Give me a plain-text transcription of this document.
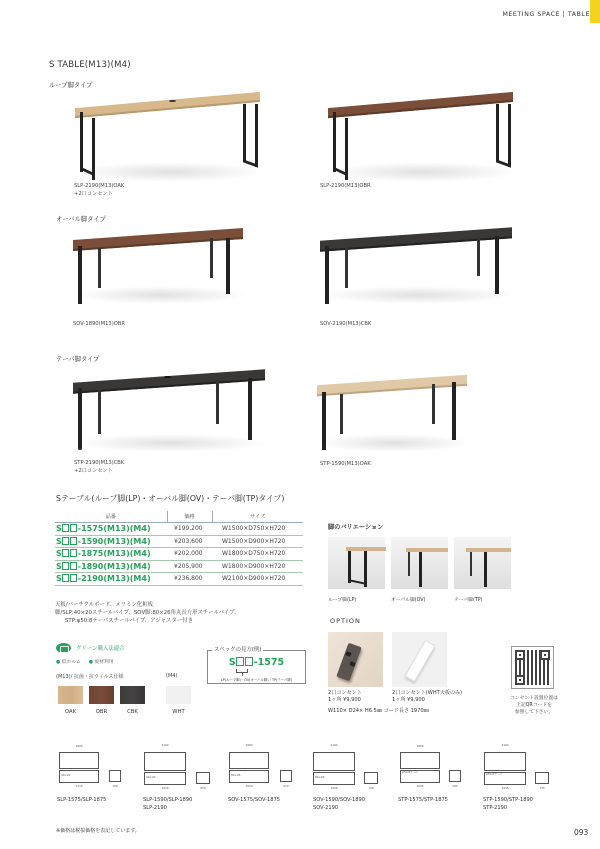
MEETING SPACE | TABLE
S TABLE(M13)(M4)
ループ脚タイプ
SLP-2190(M13)OAK
+2口コンセント
SLP-2190(M13)OBR
オーバル脚タイプ
SOV-1890(M13)OBR	SOV-2190(M13)CBK
テーパ脚タイプ
STP-2190(M13)CBK
+2口コンセント
STP-1590(M13)OAK
Sテーブル(ループ脚(LP)・オーバル脚(OV)・テーパ脚(TP)タイプ)
品番	価格	サイズ
S -1575(M13)(M4)	¥199,200	W1500×D750×H720
S -1590(M13)(M4)	¥203,600	W1500×D900×H720
S -1875(M13)(M4)	¥202,000	W1800×D750×H720
S -1890(M13)(M4)	¥205,900	W1800×D900×H720
S -2190(M13)(M4)	¥236,800	W2100×D900×H720
天板/パーチクルボード、メラミン化粧板
脚/SLP:40×20スチールパイプ、SOV脚:80×26角丸長方形スチールパイプ、
STP:φ50.8テーパスチールパイプ、アジャスター付き
グリーン購入法適合
● 低ホルム ● 廃材利用
(M13)/ 抗菌・抗ウイルス仕様	(M4)
OAK	OBR	CBK	WHT
スペックの見方(例)
S -1575
LP(ループ脚)・OV(オーバル脚)・TP(テーパ脚)
脚のバリエーション
ループ脚(LP)	オーバル脚(OV)	テーパ脚(TP)
OPTION
2口コンセント
1ヶ所 ¥9,900
2口コンセント(WHT天板のみ)
1ヶ所 ¥9,900
W110× D24× H6.5㎜ コード長さ 1970㎜
コンセント設置位置は
上記QRコードを
参照して下さい。
1800
40×20
1370	700
SLP-1575/SLP-1875
2100
40×20
1970	850
SLP-1590/SLP-1890
SLP-2190
1800
80×26
1620	510
SOV-1575/SOV-1875
2100
80×26
1920	720
SOV-1590/SOV-1890
SOV-2190
1800
φ50.8テーパ
1645	595
STP-1575/STP-1875
2100
φ50.8テーパ
1945	745
STP-1590/STP-1890
STP-2190
※価格は税抜価格を表記しています。	093
